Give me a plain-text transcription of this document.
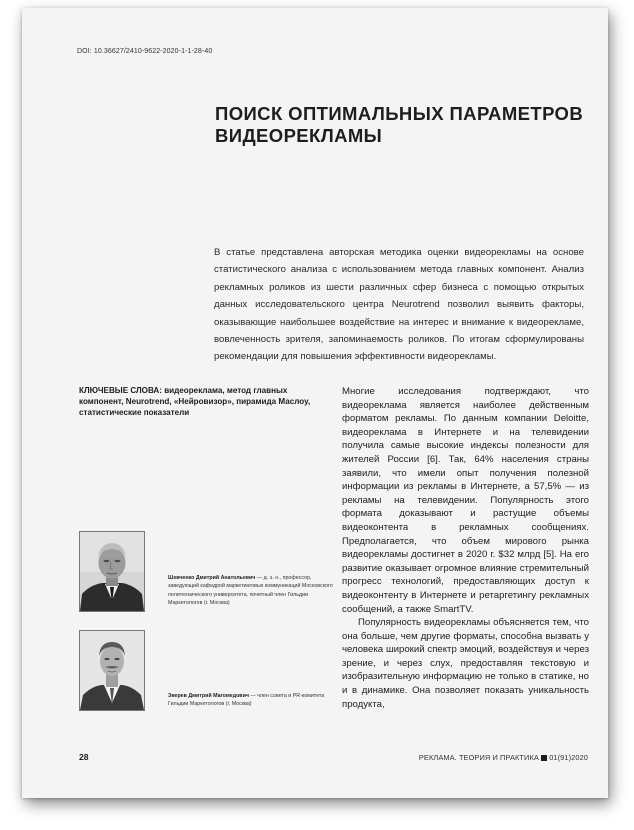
DOI: 10.36627/2410-9622-2020-1-1-28-40
ПОИСК ОПТИМАЛЬНЫХ ПАРАМЕТРОВ ВИДЕОРЕКЛАМЫ
В статье представлена авторская методика оценки видеорекламы на основе статистического анализа с использованием метода главных компонент. Анализ рекламных роликов из шести различных сфер бизнеса с помощью открытых данных исследовательского центра Neurotrend позволил выявить факторы, оказывающие наибольшее воздействие на интерес и внимание к видеорекламе, вовлеченность зрителя, запоминаемость роликов. По итогам сформулированы рекомендации для повышения эффективности видеорекламы.
КЛЮЧЕВЫЕ СЛОВА: видеореклама, метод главных компонент, Neurotrend, «Нейровизор», пирамида Маслоу, статистические показатели

Многие исследования подтверждают, что видеореклама является наиболее действенным форматом рекламы. По данным компании Deloitte, видеореклама в Интернете и на телевидении получила самые высокие индексы полезности для жителей России [6]. Так, 64% населения страны заявили, что имели опыт получения полезной информации из рекламы в Интернете, а 57,5% — из рекламы на телевидении. Популярность этого формата доказывают и растущие объемы видеоконтента в рекламных сообщениях. Предполагается, что объем мирового рынка видеорекламы достигнет в 2020 г. $32 млрд [5]. На его развитие оказывает огромное влияние стремительный прогресс технологий, предоставляющих доступ к видеоконтенту в Интернете и ретаргетингу рекламных сообщений, а также SmartTV.

Популярность видеорекламы объясняется тем, что она больше, чем другие форматы, способна вызвать у человека широкий спектр эмоций, воздействуя и через зрение, и через слух, предоставляя текстовую и изобразительную информацию не только в статике, но и в динамике. Она позволяет показать уникальность продукта,

Шевченко Дмитрий Анатольевич — д. э. н., профессор, заведующий кафедрой маркетинговых коммуникаций Московского политехнического университета, почетный член Гильдии Маркетологов (г. Москва)
Зверев Дмитрий Магомедович — член совета и PR-комитета Гильдии Маркетологов (г. Москва)
28	РЕКЛАМА. ТЕОРИЯ И ПРАКТИКА 01(91)2020
